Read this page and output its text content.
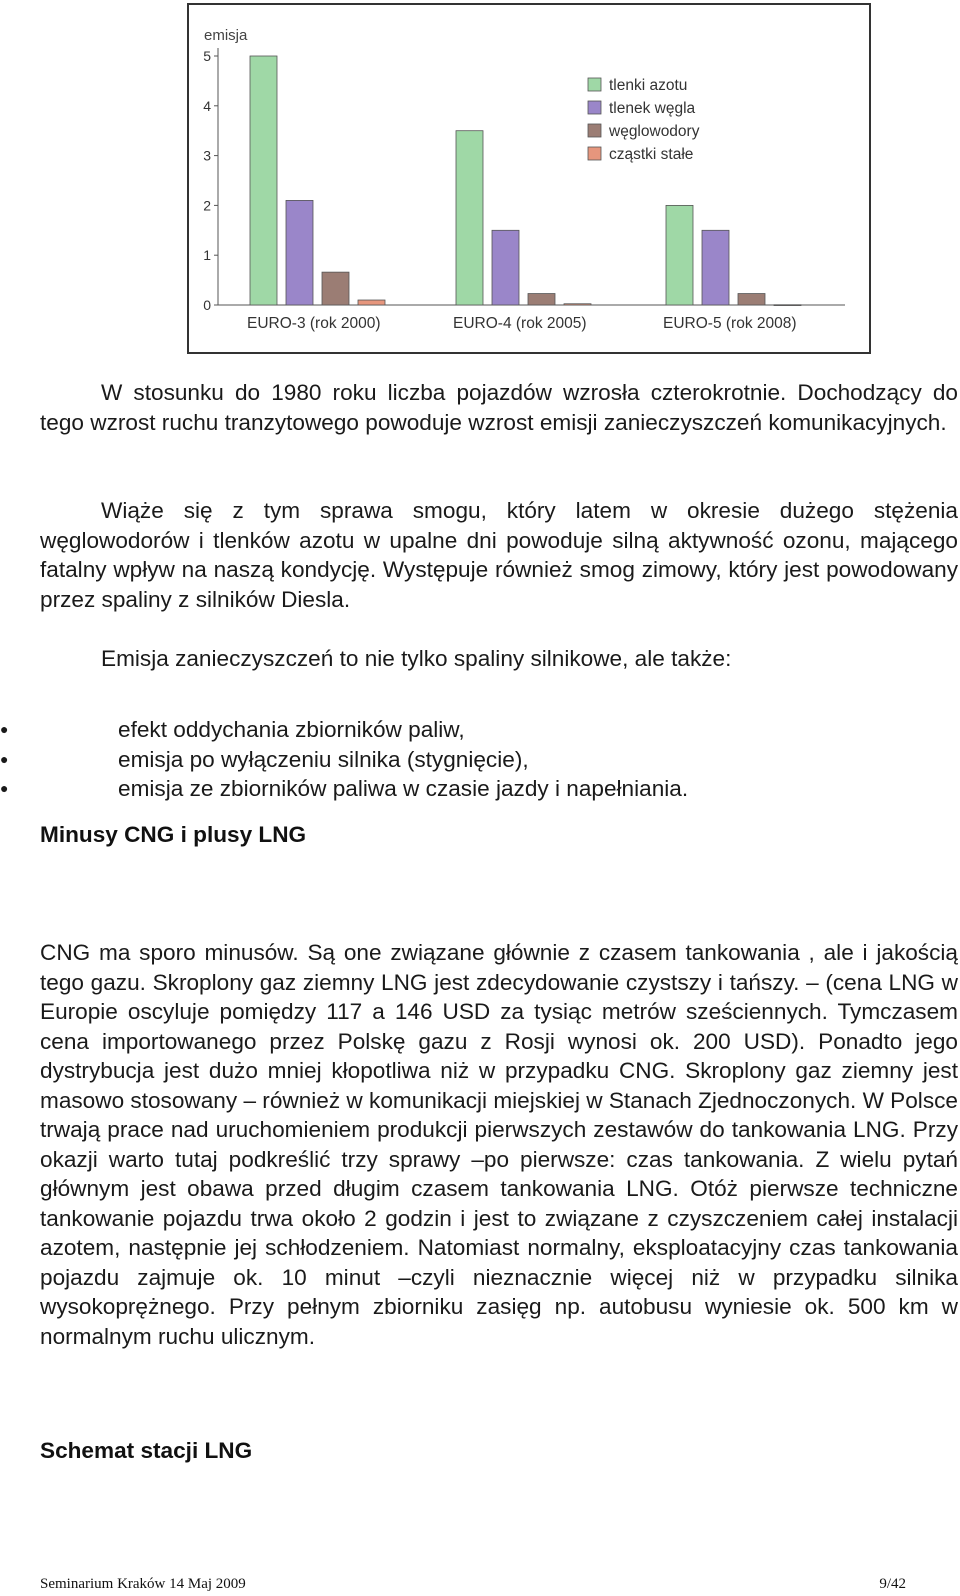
emisja
0
1
2
3
4
5
EURO-3 (rok 2000)	EURO-4 (rok 2005)	EURO-5 (rok 2008)
tlenki azotu
tlenek węgla
węglowodory
cząstki stałe

W stosunku do 1980 roku liczba pojazdów wzrosła czterokrotnie. Dochodzący do tego wzrost ruchu tranzytowego powoduje wzrost emisji zanieczyszczeń komunikacyjnych.

Wiąże się z tym sprawa smogu, który latem w okresie dużego stężenia węglowodorów i tlenków azotu w upalne dni powoduje silną aktywność ozonu, mającego fatalny wpływ na naszą kondycję. Występuje również smog zimowy, który jest powodowany przez spaliny z silników Diesla.

Emisja zanieczyszczeń to nie tylko spaliny silnikowe, ale także:

●	efekt oddychania zbiorników paliw,
●	emisja po wyłączeniu silnika (stygnięcie),
●	emisja ze zbiorników paliwa w czasie jazdy i napełniania.
Minusy CNG i plusy LNG

CNG ma sporo minusów. Są one związane głównie z czasem tankowania , ale i jakością tego gazu. Skroplony gaz ziemny LNG jest zdecydowanie czystszy i tańszy. – (cena LNG w Europie oscyluje pomiędzy 117 a 146 USD za tysiąc metrów sześciennych. Tymczasem cena importowanego przez Polskę gazu z Rosji wynosi ok. 200 USD). Ponadto jego dystrybucja jest dużo mniej kłopotliwa niż w przypadku CNG. Skroplony gaz ziemny jest masowo stosowany – również w komunikacji miejskiej w Stanach Zjednoczonych. W Polsce trwają prace nad uruchomieniem produkcji pierwszych zestawów do tankowania LNG. Przy okazji warto tutaj podkreślić trzy sprawy –po pierwsze: czas tankowania. Z wielu pytań głównym jest obawa przed długim czasem tankowania LNG. Otóż pierwsze techniczne tankowanie pojazdu trwa około 2 godzin i jest to związane z czyszczeniem całej instalacji azotem, następnie jej schłodzeniem. Natomiast normalny, eksploatacyjny czas tankowania pojazdu zajmuje ok. 10 minut –czyli nieznacznie więcej niż w przypadku silnika wysokoprężnego. Przy pełnym zbiorniku zasięg np. autobusu wyniesie ok. 500 km w normalnym ruchu ulicznym.

Schemat stacji LNG
Seminarium Kraków 14 Maj 2009	9/42
